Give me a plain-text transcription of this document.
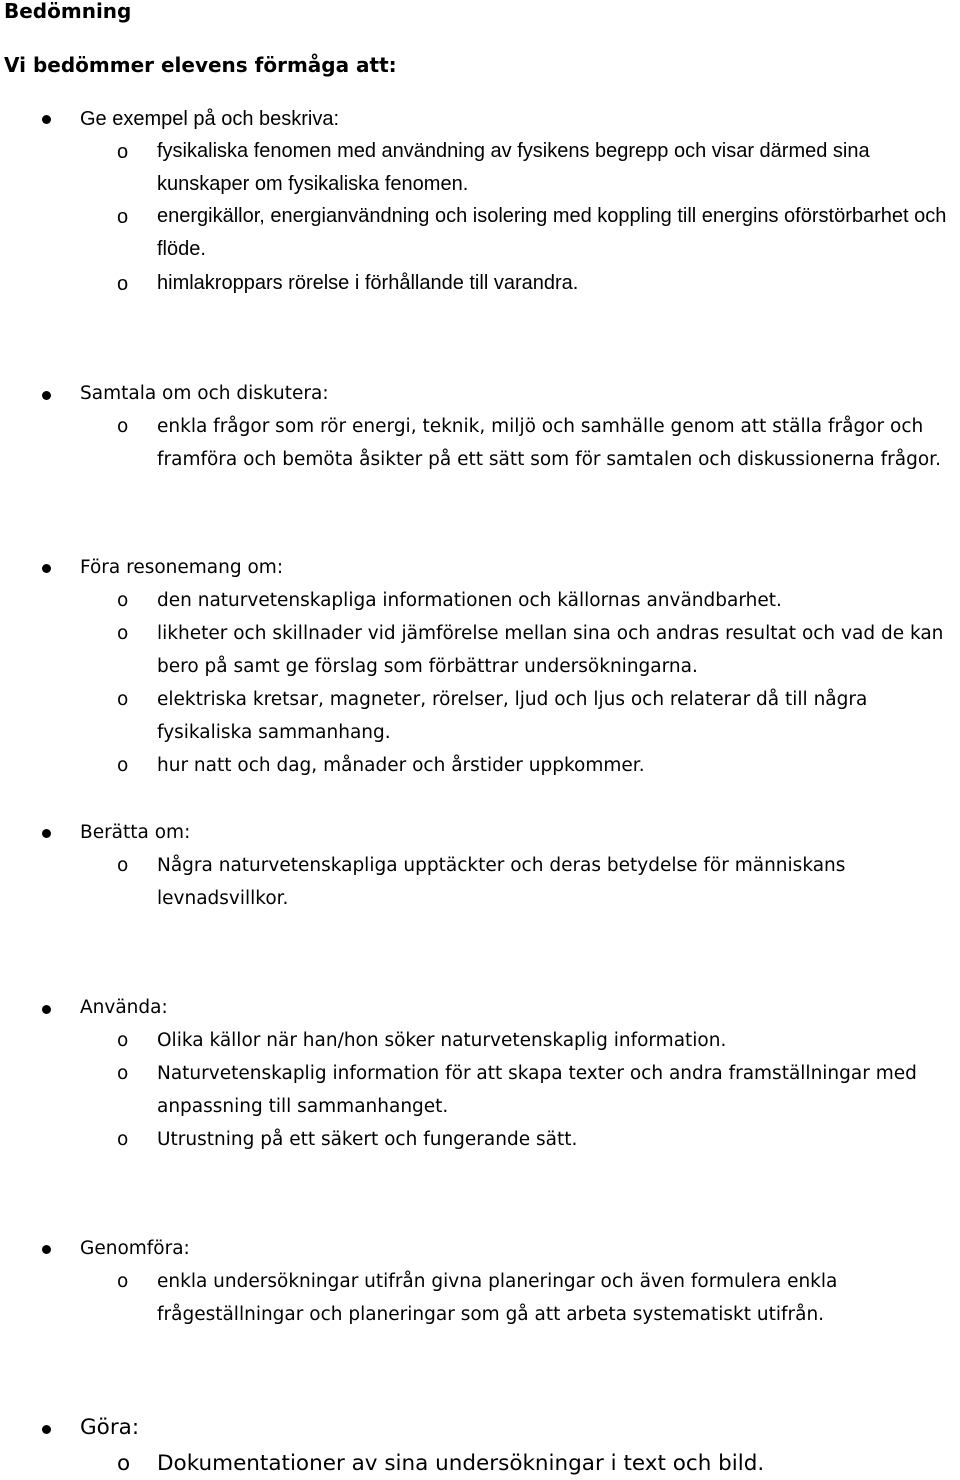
Bedömning
Vi bedömmer elevens förmåga att:
Ge exempel på och beskriva:
o fysikaliska fenomen med användning av fysikens begrepp och visar därmed sina kunskaper om fysikaliska fenomen.
o energikällor, energianvändning och isolering med koppling till energins oförstörbarhet och flöde.
o himlakroppars rörelse i förhållande till varandra.
Samtala om och diskutera:
o enkla frågor som rör energi, teknik, miljö och samhälle genom att ställa frågor och framföra och bemöta åsikter på ett sätt som för samtalen och diskussionerna frågor.
Föra resonemang om:
o den naturvetenskapliga informationen och källornas användbarhet.
o likheter och skillnader vid jämförelse mellan sina och andras resultat och vad de kan bero på samt ge förslag som förbättrar undersökningarna.
o elektriska kretsar, magneter, rörelser, ljud och ljus och relaterar då till några fysikaliska sammanhang.
o hur natt och dag, månader och årstider uppkommer.
Berätta om:
o Några naturvetenskapliga upptäckter och deras betydelse för människans levnadsvillkor.
Använda:
o Olika källor när han/hon söker naturvetenskaplig information.
o Naturvetenskaplig information för att skapa texter och andra framställningar med anpassning till sammanhanget.
o Utrustning på ett säkert och fungerande sätt.
Genomföra:
o enkla undersökningar utifrån givna planeringar och även formulera enkla frågeställningar och planeringar som gå att arbeta systematiskt utifrån.
Göra:
o Dokumentationer av sina undersökningar i text och bild.
